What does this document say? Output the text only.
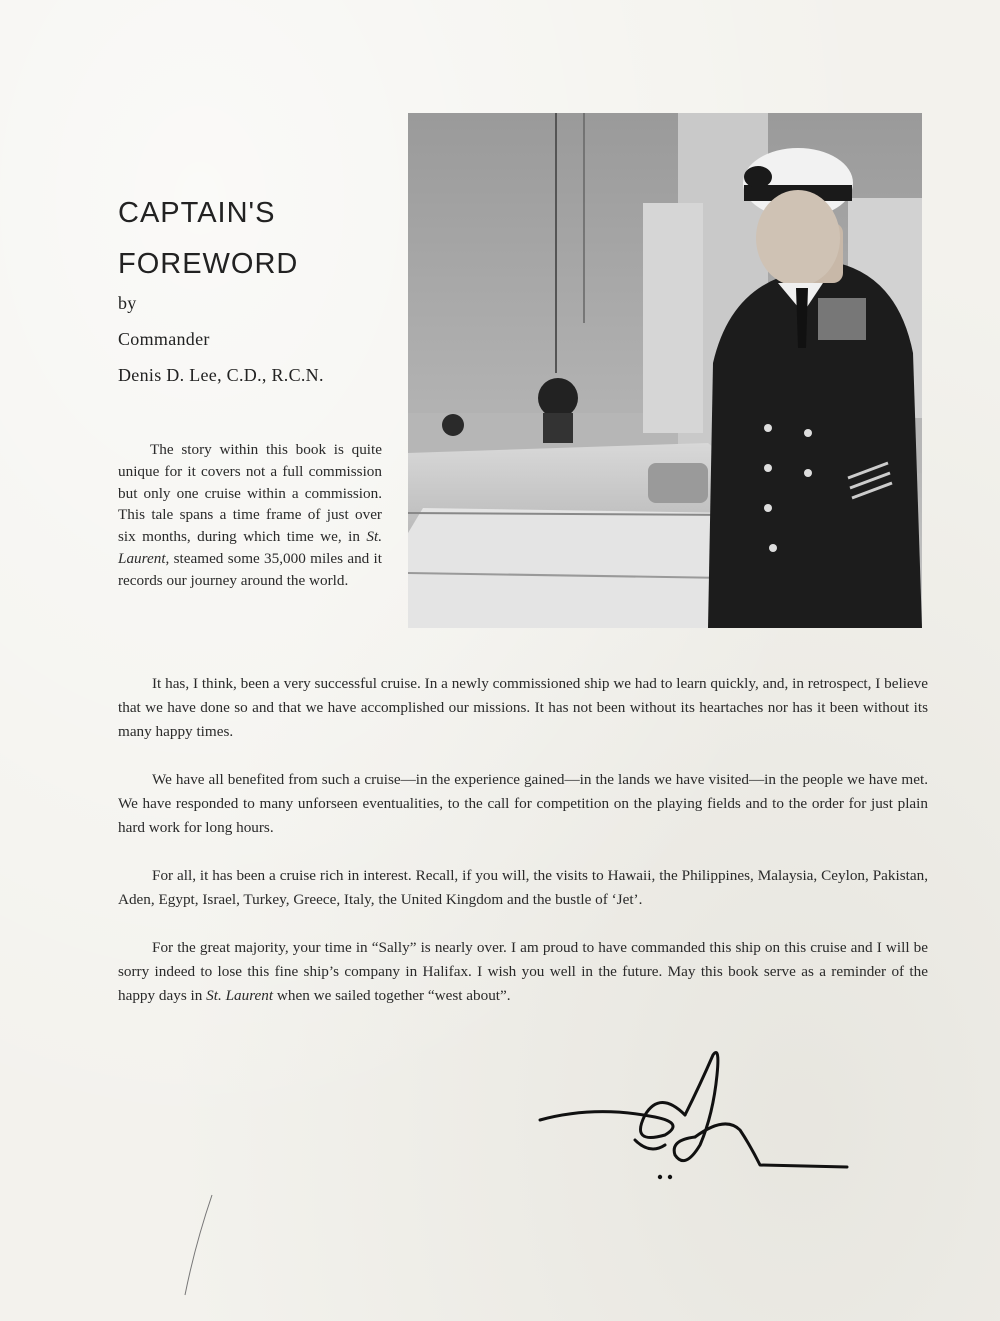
CAPTAIN'S
FOREWORD
by
Commander
Denis D. Lee, C.D., R.C.N.

The story within this book is quite unique for it covers not a full commission but only one cruise within a commission. This tale spans a time frame of just over six months, during which time we, in St. Laurent, steamed some 35,000 miles and it records our journey around the world.

It has, I think, been a very successful cruise. In a newly commissioned ship we had to learn quickly, and, in retrospect, I believe that we have done so and that we have accomplished our missions. It has not been without its heartaches nor has it been without its many happy times.

We have all benefited from such a cruise—in the experience gained—in the lands we have visited—in the people we have met. We have responded to many unforseen eventualities, to the call for competition on the playing fields and to the order for just plain hard work for long hours.

For all, it has been a cruise rich in interest. Recall, if you will, the visits to Hawaii, the Philippines, Malaysia, Ceylon, Pakistan, Aden, Egypt, Israel, Turkey, Greece, Italy, the United Kingdom and the bustle of ‘Jet’.

For the great majority, your time in “Sally” is nearly over. I am proud to have commanded this ship on this cruise and I will be sorry indeed to lose this fine ship’s company in Halifax. I wish you well in the future. May this book serve as a reminder of the happy days in St. Laurent when we sailed together “west about”.
